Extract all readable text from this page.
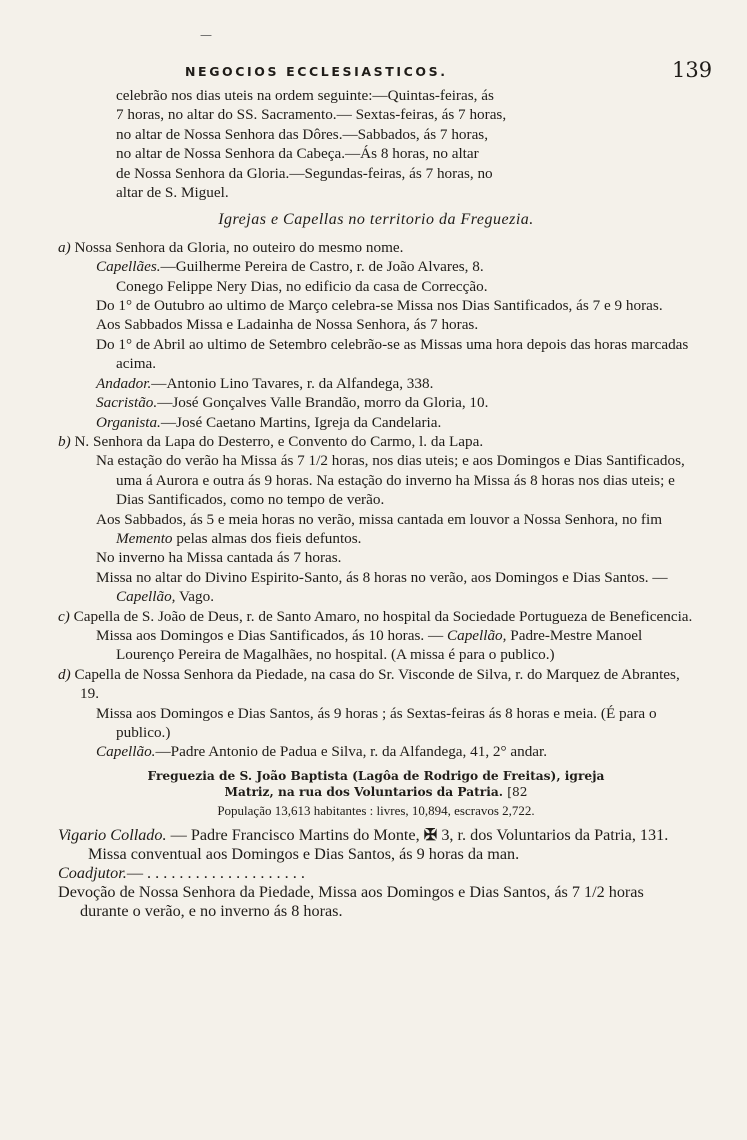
—
NEGOCIOS ECCLESIASTICOS.	139

celebrão nos dias uteis na ordem seguinte:—Quintas-feiras, ás
7 horas, no altar do SS. Sacramento.— Sextas-feiras, ás 7 horas,
no altar de Nossa Senhora das Dôres.—Sabbados, ás 7 horas,
no altar de Nossa Senhora da Cabeça.—Ás 8 horas, no altar
de Nossa Senhora da Gloria.—Segundas-feiras, ás 7 horas, no
altar de S. Miguel.

Igrejas e Capellas no territorio da Freguezia.

a) Nossa Senhora da Gloria, no outeiro do mesmo nome.

Capellães.—Guilherme Pereira de Castro, r. de João Alvares, 8.

Conego Felippe Nery Dias, no edificio da casa de Correcção.

Do 1° de Outubro ao ultimo de Março celebra-se Missa nos Dias Santificados, ás 7 e 9 horas.

Aos Sabbados Missa e Ladainha de Nossa Senhora, ás 7 horas.

Do 1° de Abril ao ultimo de Setembro celebrão-se as Missas uma hora depois das horas marcadas acima.

Andador.—Antonio Lino Tavares, r. da Alfandega, 338.

Sacristão.—José Gonçalves Valle Brandão, morro da Gloria, 10.

Organista.—José Caetano Martins, Igreja da Candelaria.

b) N. Senhora da Lapa do Desterro, e Convento do Carmo, l. da Lapa.

Na estação do verão ha Missa ás 7 1/2 horas, nos dias uteis; e aos Domingos e Dias Santificados, uma á Aurora e outra ás 9 horas. Na estação do inverno ha Missa ás 8 horas nos dias uteis; e Dias Santificados, como no tempo de verão.

Aos Sabbados, ás 5 e meia horas no verão, missa cantada em louvor a Nossa Senhora, no fim Memento pelas almas dos fieis defuntos.

No inverno ha Missa cantada ás 7 horas.

Missa no altar do Divino Espirito-Santo, ás 8 horas no verão, aos Domingos e Dias Santos. — Capellão, Vago.

c) Capella de S. João de Deus, r. de Santo Amaro, no hospital da Sociedade Portugueza de Beneficencia.

Missa aos Domingos e Dias Santificados, ás 10 horas. — Capellão, Padre-Mestre Manoel Lourenço Pereira de Magalhães, no hospital. (A missa é para o publico.)

d) Capella de Nossa Senhora da Piedade, na casa do Sr. Visconde de Silva, r. do Marquez de Abrantes, 19.

Missa aos Domingos e Dias Santos, ás 9 horas ; ás Sextas-feiras ás 8 horas e meia. (É para o publico.)

Capellão.—Padre Antonio de Padua e Silva, r. da Alfandega, 41, 2° andar.

Freguezia de S. João Baptista (Lagôa de Rodrigo de Freitas), igreja
Matriz, na rua dos Voluntarios da Patria. [82

População 13,613 habitantes : livres, 10,894, escravos 2,722.

Vigario Collado. — Padre Francisco Martins do Monte, ✠ 3, r. dos Voluntarios da Patria, 131.

Missa conventual aos Domingos e Dias Santos, ás 9 horas da man.

Coadjutor.— . . . . . . . . . . . . . . . . . . . .

Devoção de Nossa Senhora da Piedade, Missa aos Domingos e Dias Santos, ás 7 1/2 horas durante o verão, e no inverno ás 8 horas.
